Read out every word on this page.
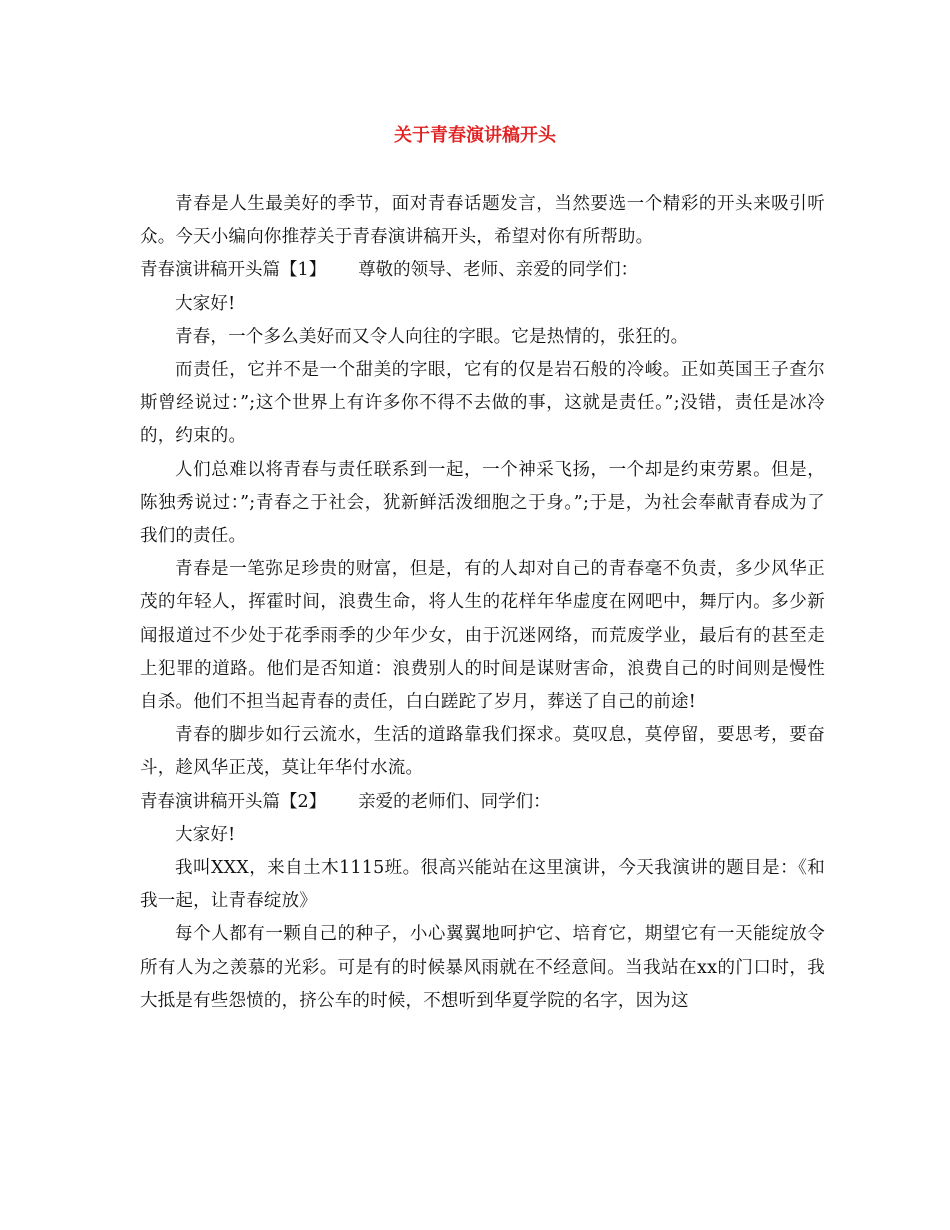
关于青春演讲稿开头

青春是人生最美好的季节，面对青春话题发言，当然要选一个精彩的开头来吸引听众。今天小编向你推荐关于青春演讲稿开头，希望对你有所帮助。

青春演讲稿开头篇【1】 尊敬的领导、老师、亲爱的同学们：

大家好!

青春，一个多么美好而又令人向往的字眼。它是热情的，张狂的。

而责任，它并不是一个甜美的字眼，它有的仅是岩石般的冷峻。正如英国王子查尔斯曾经说过：”;这个世界上有许多你不得不去做的事，这就是责任。”;没错，责任是冰冷的，约束的。

人们总难以将青春与责任联系到一起，一个神采飞扬，一个却是约束劳累。但是，陈独秀说过：”;青春之于社会，犹新鲜活泼细胞之于身。”;于是，为社会奉献青春成为了我们的责任。

青春是一笔弥足珍贵的财富，但是，有的人却对自己的青春毫不负责，多少风华正茂的年轻人，挥霍时间，浪费生命，将人生的花样年华虚度在网吧中，舞厅内。多少新闻报道过不少处于花季雨季的少年少女，由于沉迷网络，而荒废学业，最后有的甚至走上犯罪的道路。他们是否知道：浪费别人的时间是谋财害命，浪费自己的时间则是慢性自杀。他们不担当起青春的责任，白白蹉跎了岁月，葬送了自己的前途!

青春的脚步如行云流水，生活的道路靠我们探求。莫叹息，莫停留，要思考，要奋斗，趁风华正茂，莫让年华付水流。

青春演讲稿开头篇【2】 亲爱的老师们、同学们：

大家好!

我叫XXX，来自土木1115班。很高兴能站在这里演讲，今天我演讲的题目是：《和我一起，让青春绽放》

每个人都有一颗自己的种子，小心翼翼地呵护它、培育它，期望它有一天能绽放令所有人为之羡慕的光彩。可是有的时候暴风雨就在不经意间。当我站在xx的门口时，我大抵是有些怨愤的，挤公车的时候，不想听到华夏学院的名字，因为这
